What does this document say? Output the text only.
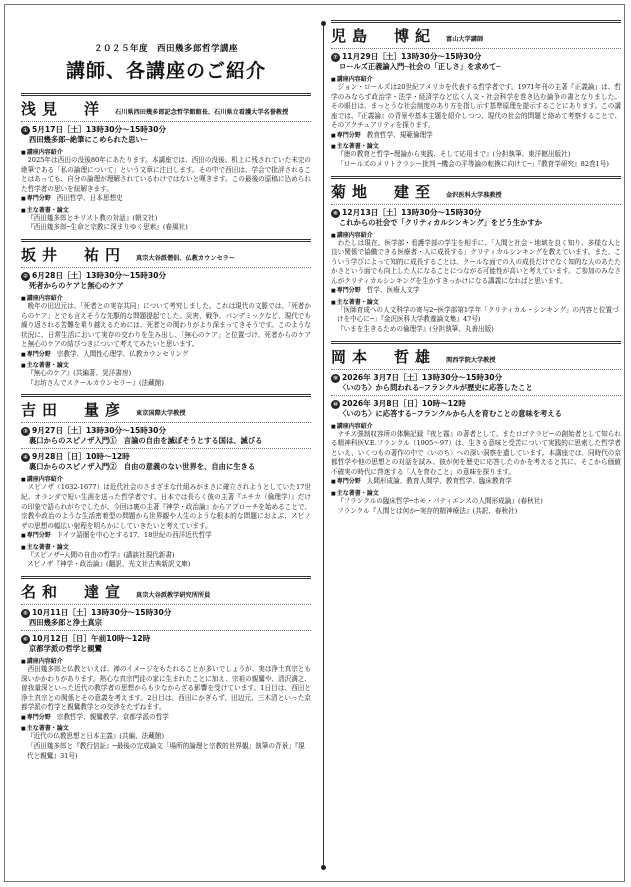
２０２５年度　西田幾多郎哲学講座
講師、各講座のご紹介
浅見　洋 石川県西田幾多郎記念哲学館館長、石川県立看護大学名誉教授
① 5月17日［土］13時30分～15時30分
西田幾多郎─絶筆にこめられた思い─
■ 講座内容紹介
2025年は西田の没後80年にあたります。本講座では、西田の没後、机上に残されていた未完の絶筆である「私の論理について」という文章に注目します。その中で西田は、学会で批評されることはあっても、自分の論理が理解されているわけではないと嘆きます。この最後の原稿に込められた哲学者の思いを紐解きます。
■ 専門分野 西田哲学、日本思想史
■ 主な著書・論文
『西田幾多郎とキリスト教の対話』(朝文社)
『西田幾多郎─生命と宗教に深まりゆく思索』(春風社)
坂井　祐円 真宗大谷派僧侶、仏教カウンセラー
② 6月28日［土］13時30分～15時30分
死者からのケアと無心のケア
■ 講座内容紹介
晩年の田辺元は、「死者との実存共同」について考究しました。これは現代の文脈では、「死者からのケア」とでも言えそうな先駆的な問題提起でした。災害、戦争、パンデミックなど、現代でも繰り返される苦難を乗り越えるためには、死者との関わりがより深まってきそうです。このような状況に、日常生活において実存の交わりを生み出し、「無心のケア」と位置づけ、死者からのケアと無心のケアの結びつきについて考えてみたいと思います。
■ 専門分野 宗教学、人間性心理学、仏教カウンセリング
■ 主な著書・論文
『無心のケア』(共編著、晃洋書房)
『お坊さんでスクールカウンセラー』(法藏館)
吉田　量彦 東京国際大学教授
③ 9月27日［土］13時30分～15時30分
裏口からのスピノザ入門①　言論の自由を滅ぼそうとする国は、滅びる
④ 9月28日［日］10時～12時
裏口からのスピノザ入門②　自由の意義のない世界を、自由に生きる
■ 講座内容紹介
スピノザ（1632-1677）は近代社会のさまざまな仕組みがまさに確立されようとしていた17世紀、オランダで短い生涯を送った哲学者です。日本では長らく彼の主著『エチカ（倫理学）』だけの印象で語られがちでしたが、今回は裏の主著『神学・政治論』からアプローチを始めることで、宗教や政治のような生活密着型の問題から世界観や人生のような根本的な問題におよぶ、スピノザの思想の幅広い射程を明らかにしていきたいと考えています。
■ 専門分野 ドイツ語圏を中心とする17、18世紀の西洋近代哲学
■ 主な著書・論文
『スピノザ─人間の自由の哲学』(講談社現代新書)
スピノザ『神学・政治論』(翻訳、光文社古典新訳文庫)
名和　達宣 真宗大谷派教学研究所所員
⑤ 10月11日［土］13時30分～15時30分
西田幾多郎と浄土真宗
⑥ 10月12日［日］午前10時～12時
京都学派の哲学と親鸞
■ 講座内容紹介
西田幾多郎と仏教といえば、禅のイメージをもたれることが多いでしょうが、実は浄土真宗とも深いかかわりがあります。熱心な真宗門徒の家に生まれたことに加え、宗祖の親鸞や、清沢満之、曽我量深といった近代の教学者の思想からも少なからざる影響を受けています。1日目は、西田と浄土真宗との関係とその意義を考えます。2日目は、西田にかぎらず、田辺元、三木清といった京都学派の哲学と親鸞教学との交渉をたずねます。
■ 専門分野 宗教哲学、親鸞教学、京都学派の哲学
■ 主な著書・論文
『近代の仏教思想と日本主義』(共編、法藏館)
「西田幾多郎と『教行信証』─最後の完成論文「場所的論理と宗教的世界観」執筆の背景」『現代と親鸞』31号)
児島　博紀 富山大学講師
⑦ 11月29日［土］13時30分～15時30分
ロールズ正義論入門─社会の「正しさ」を求めて─
■ 講座内容紹介
ジョン・ロールズは20世紀アメリカを代表する哲学者です。1971年刊の主著『正義論』は、哲学のみならず政治学・法学・経済学など広く人文・社会科学を巻き込む論争の書となりました。その眼目は、まっとうな社会制度のあり方を指し示す基準原理を提示することにあります。この講座では、『正義論』の背景や基本主題を紹介しつつ、現代の社会的問題と絡めて考察することで、そのアクチュアリティを探ります。
■ 専門分野 教育哲学、規範倫理学
■ 主な著書・論文
『徳の教育と哲学─理論から実践、そして応用まで』(分担執筆、東洋館出版社)
「ロールズのメリトクラシー批判 ─機会の平等論の転換に向けて─」『教育学研究』82巻1号)
菊地　建至 金沢医科大学准教授
⑧ 12月13日［土］13時30分～15時30分
これからの社会で「クリティカルシンキング」をどう生かすか
■ 講座内容紹介
わたしは現在、医学部・看護学部の学生を相手に、「人間と社会・地域を良く知り、多様な人と良い関係で協働できる医療者・人に成長する」クリティカルシンキングを教えています。また、こういう学びによって知的に成長することは、クールな面での人の成長だけでなく知的な人のあたたかさという面でも向上した人になることにつながる可能性が高いと考えています。ご参加のみなさんがクリティカルシンキングを生かすきっかけになる講義になればと思います。
■ 専門分野 哲学、医療人文学
■ 主な著書・論文
「医師育成への人文科学の寄与2─医学部第1学年「クリティカル・シンキング」の内容と位置づけを中心に─」『金沢医科大学教養論文集』47号)
『いまを生きるための倫理学』(分担執筆、丸善出版)
岡本　哲雄 関西学院大学教授
⑨ 2026年 3月7日［土］13時30分～15時30分
〈いのち〉から問われる─フランクルが歴史に応答したこと
⑩ 2026年 3月8日［日］10時～12時
〈いのち〉に応答する─フランクルから人を育むことの意味を考える
■ 講座内容紹介
ナチス強制収容所の体験記録『夜と霧』の著者として、またロゴテラピーの創始者として知られる精神科医V.E.フランクル（1905～97）は、生きる意味と受苦について実践的に思索した哲学者といえ、いくつもの著作の中で〈いのち〉への深い洞察を遺しています。本講座では、同時代の京都哲学や他の思想との対話を試み、彼が何を歴史に応答したのかを考えると共に、そこから価値不確実の時代に啓迷する「人を育むこと」の意味を探ります。
■ 専門分野 人間形成論、教育人間学、教育哲学、臨床教育学
■ 主な著書・論文
『フランクルの臨床哲学─ホモ・パティエンスの人間形成論』(春秋社)
フランクル『人間とは何か─実存的精神療法』(共訳、春秋社)
